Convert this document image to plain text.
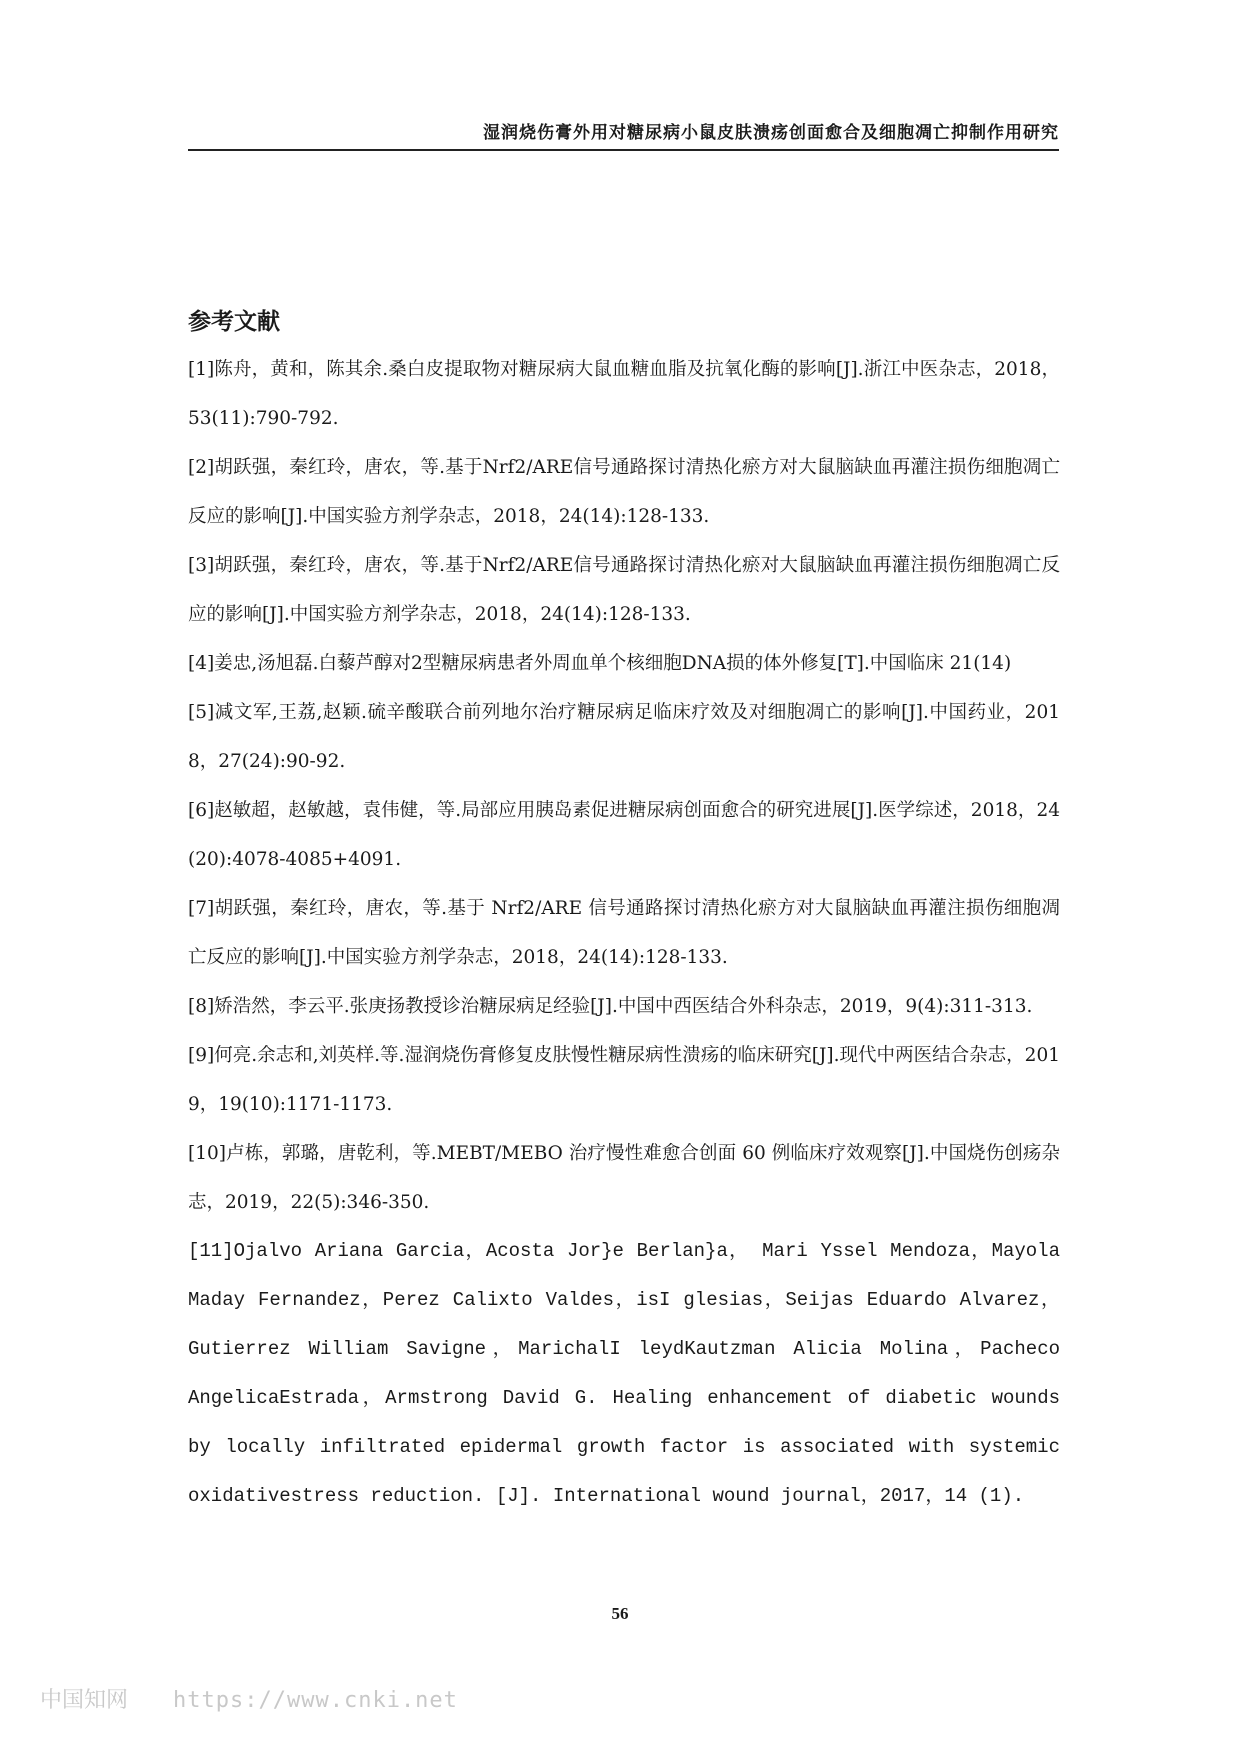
湿润烧伤膏外用对糖尿病小鼠皮肤溃疡创面愈合及细胞凋亡抑制作用研究
参考文献
[1]陈舟，黄和，陈其余.桑白皮提取物对糖尿病大鼠血糖血脂及抗氧化酶的影响[J].浙江中医杂志，2018，53(11):790-792.
[2]胡跃强，秦红玲，唐农，等.基于Nrf2/ARE信号通路探讨清热化瘀方对大鼠脑缺血再灌注损伤细胞凋亡反应的影响[J].中国实验方剂学杂志，2018，24(14):128-133.
[3]胡跃强，秦红玲，唐农，等.基于Nrf2/ARE信号通路探讨清热化瘀对大鼠脑缺血再灌注损伤细胞凋亡反应的影响[J].中国实验方剂学杂志，2018，24(14):128-133.
[4]姜忠,汤旭磊.白藜芦醇对2型糖尿病患者外周血单个核细胞DNA损的体外修复[T].中国临床 21(14)
[5]减文军,王荔,赵颖.硫辛酸联合前列地尔治疗糖尿病足临床疗效及对细胞凋亡的影响[J].中国药业，2018，27(24):90-92.
[6]赵敏超，赵敏越，袁伟健，等.局部应用胰岛素促进糖尿病创面愈合的研究进展[J].医学综述，2018，24(20):4078-4085+4091.
[7]胡跃强，秦红玲，唐农，等.基于 Nrf2/ARE 信号通路探讨清热化瘀方对大鼠脑缺血再灌注损伤细胞凋亡反应的影响[J].中国实验方剂学杂志，2018，24(14):128-133.
[8]矫浩然，李云平.张庚扬教授诊治糖尿病足经验[J].中国中西医结合外科杂志，2019，9(4):311-313.
[9]何亮.余志和,刘英样.等.湿润烧伤膏修复皮肤慢性糖尿病性溃疡的临床研究[J].现代中两医结合杂志，2019，19(10):1171-1173.
[10]卢栋，郭璐，唐乾利，等.MEBT/MEBO 治疗慢性难愈合创面 60 例临床疗效观察[J].中国烧伤创疡杂志，2019，22(5):346-350.
[11]Ojalvo Ariana Garcia，Acosta Jor}e Berlan}a， Mari Yssel Mendoza，Mayola Maday Fernandez，Perez Calixto Valdes，isI glesias，Seijas Eduardo Alvarez，Gutierrez William Savigne，MarichalI leydKautzman Alicia Molina，Pacheco AngelicaEstrada，Armstrong David G. Healing enhancement of diabetic wounds by locally infiltrated epidermal growth factor is associated with systemic oxidativestress reduction. [J]. International wound journal，2017，14 (1).
56
中国知网 https://www.cnki.net
